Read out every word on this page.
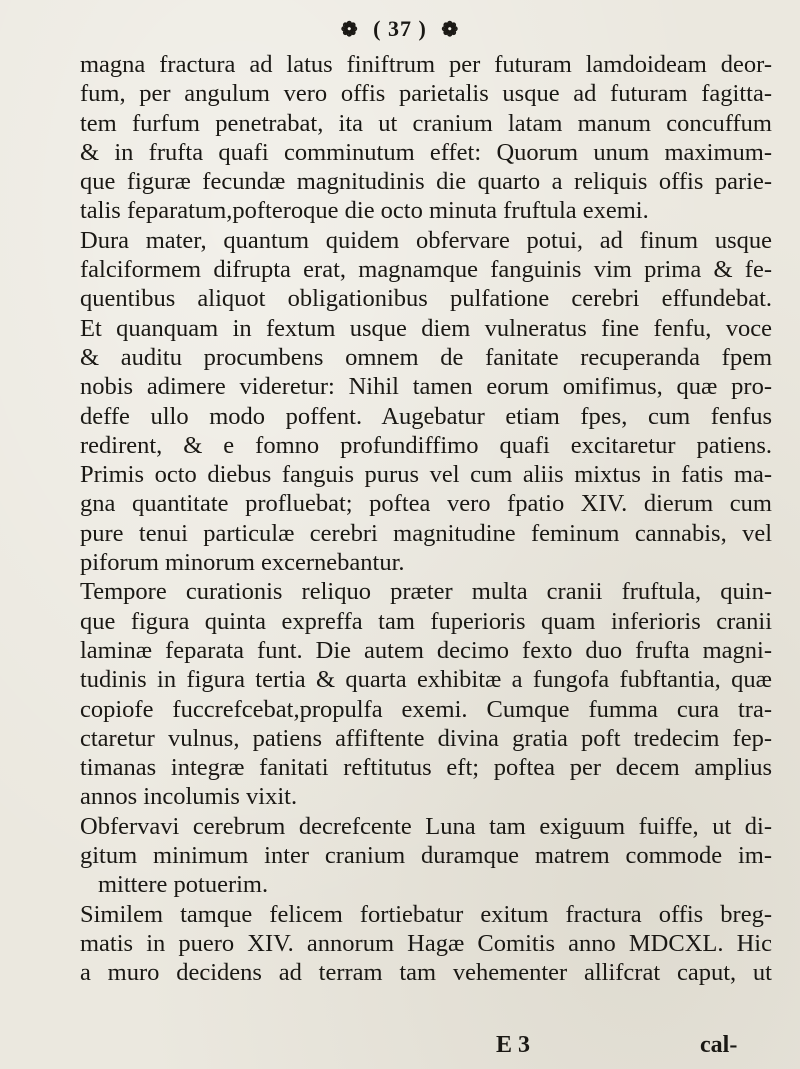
❁ ( 37 ) ❁
magna fractura ad latus finiftrum per futuram lamdoideam deor-
fum, per angulum vero offis parietalis usque ad futuram fagitta-
tem furfum penetrabat, ita ut cranium latam manum concuffum
& in frufta quafi comminutum effet: Quorum unum maximum-
que figuræ fecundæ magnitudinis die quarto a reliquis offis parie-
talis feparatum,pofteroque die octo minuta fruftula exemi.
Dura mater, quantum quidem obfervare potui, ad finum usque
falciformem difrupta erat, magnamque fanguinis vim prima & fe-
quentibus aliquot obligationibus pulfatione cerebri effundebat.
Et quanquam in fextum usque diem vulneratus fine fenfu, voce
& auditu procumbens omnem de fanitate recuperanda fpem
nobis adimere videretur: Nihil tamen eorum omifimus, quæ pro-
deffe ullo modo poffent. Augebatur etiam fpes, cum fenfus
redirent, & e fomno profundiffimo quafi excitaretur patiens.
Primis octo diebus fanguis purus vel cum aliis mixtus in fatis ma-
gna quantitate profluebat; poftea vero fpatio XIV. dierum cum
pure tenui particulæ cerebri magnitudine feminum cannabis, vel
piforum minorum excernebantur.
Tempore curationis reliquo præter multa cranii fruftula, quin-
que figura quinta expreffa tam fuperioris quam inferioris cranii
laminæ feparata funt. Die autem decimo fexto duo frufta magni-
tudinis in figura tertia & quarta exhibitæ a fungofa fubftantia, quæ
copiofe fuccrefcebat,propulfa exemi. Cumque fumma cura tra-
ctaretur vulnus, patiens affiftente divina gratia poft tredecim fep-
timanas integræ fanitati reftitutus eft; poftea per decem amplius
annos incolumis vixit.
Obfervavi cerebrum decrefcente Luna tam exiguum fuiffe, ut di-
gitum minimum inter cranium duramque matrem commode im-
mittere potuerim.
Similem tamque felicem fortiebatur exitum fractura offis breg-
matis in puero XIV. annorum Hagæ Comitis anno MDCXL. Hic
a muro decidens ad terram tam vehementer allifcrat caput, ut
E 3	cal-
